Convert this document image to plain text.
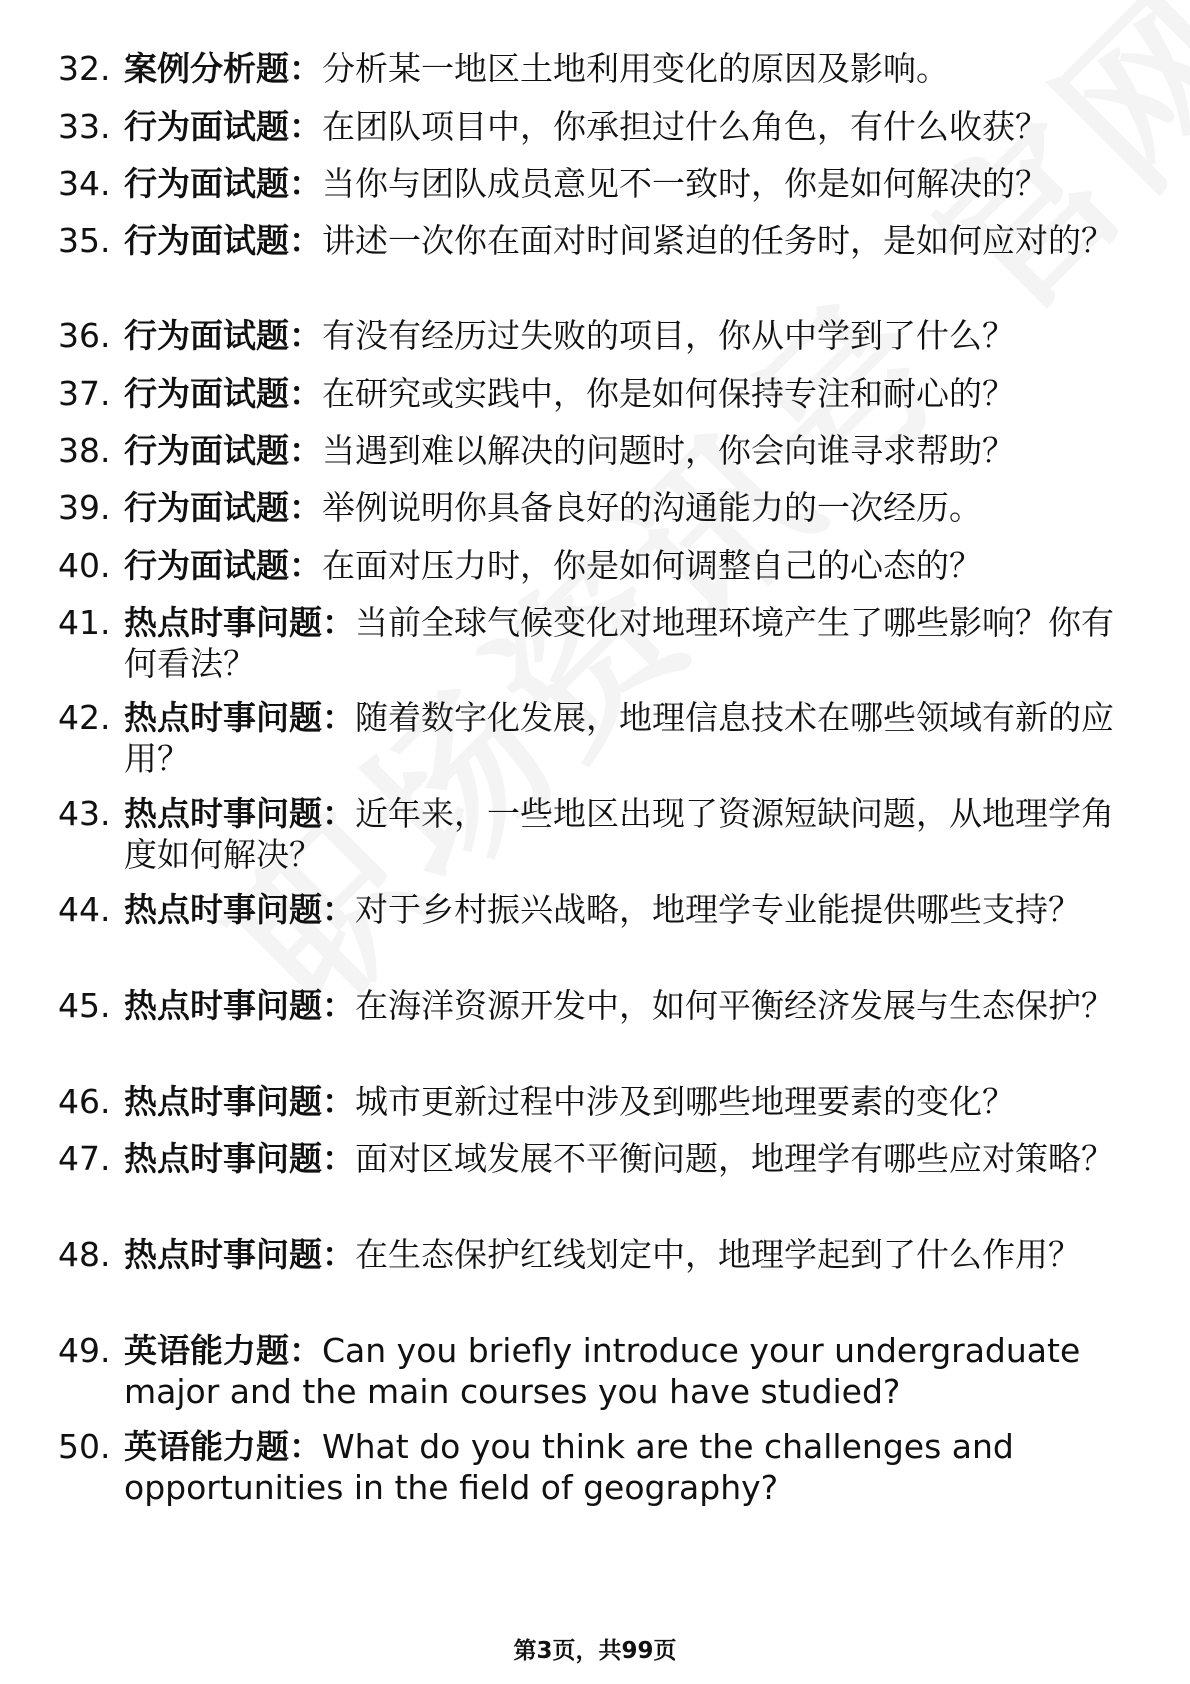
32. 案例分析题：分析某一地区土地利用变化的原因及影响。
33. 行为面试题：在团队项目中，你承担过什么角色，有什么收获？
34. 行为面试题：当你与团队成员意见不一致时，你是如何解决的？
35. 行为面试题：讲述一次你在面对时间紧迫的任务时，是如何应对的？
36. 行为面试题：有没有经历过失败的项目，你从中学到了什么？
37. 行为面试题：在研究或实践中，你是如何保持专注和耐心的？
38. 行为面试题：当遇到难以解决的问题时，你会向谁寻求帮助？
39. 行为面试题：举例说明你具备良好的沟通能力的一次经历。
40. 行为面试题：在面对压力时，你是如何调整自己的心态的？
41. 热点时事问题：当前全球气候变化对地理环境产生了哪些影响？你有何看法？
42. 热点时事问题：随着数字化发展，地理信息技术在哪些领域有新的应用？
43. 热点时事问题：近年来，一些地区出现了资源短缺问题，从地理学角度如何解决？
44. 热点时事问题：对于乡村振兴战略，地理学专业能提供哪些支持？
45. 热点时事问题：在海洋资源开发中，如何平衡经济发展与生态保护？
46. 热点时事问题：城市更新过程中涉及到哪些地理要素的变化？
47. 热点时事问题：面对区域发展不平衡问题，地理学有哪些应对策略？
48. 热点时事问题：在生态保护红线划定中，地理学起到了什么作用？
49. 英语能力题：Can you briefly introduce your undergraduate major and the main courses you have studied?
50. 英语能力题：What do you think are the challenges and opportunities in the field of geography?
第3页，共99页
